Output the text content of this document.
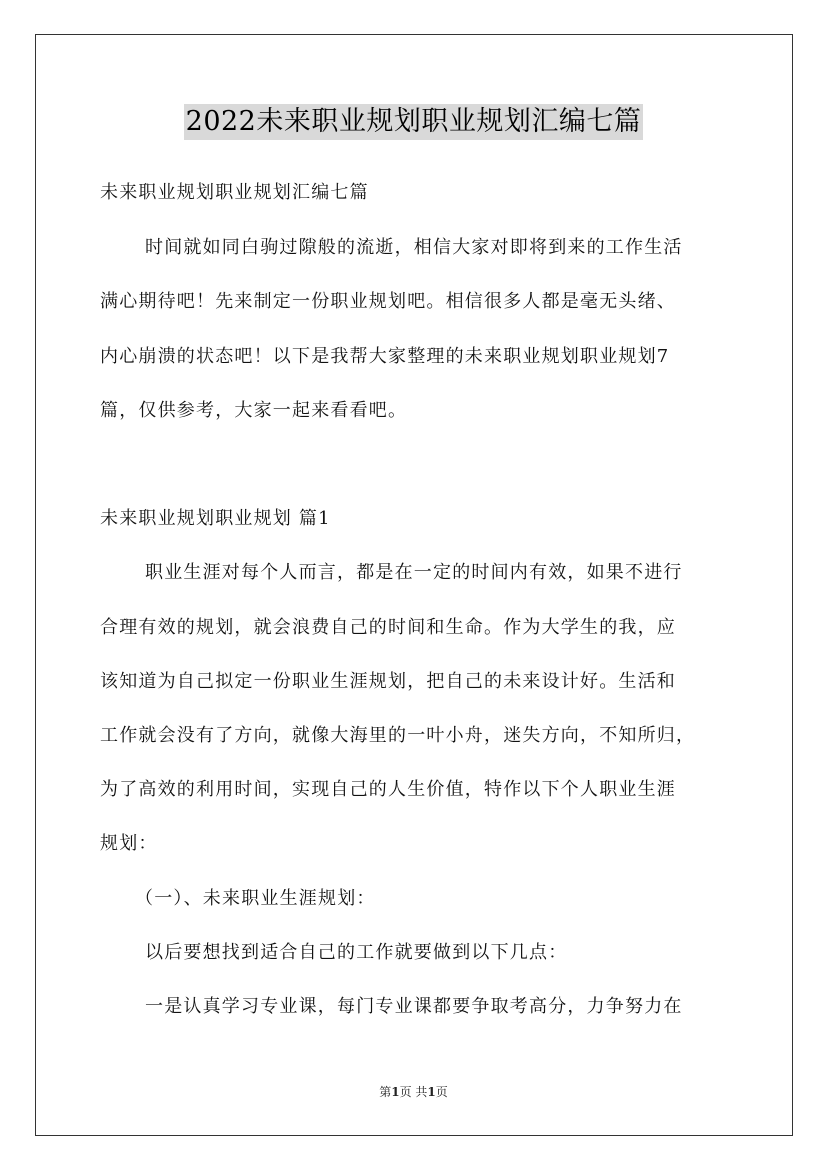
2022未来职业规划职业规划汇编七篇
未来职业规划职业规划汇编七篇
时间就如同白驹过隙般的流逝，相信大家对即将到来的工作生活
满心期待吧！先来制定一份职业规划吧。相信很多人都是毫无头绪、
内心崩溃的状态吧！以下是我帮大家整理的未来职业规划职业规划7
篇，仅供参考，大家一起来看看吧。
未来职业规划职业规划 篇1
职业生涯对每个人而言，都是在一定的时间内有效，如果不进行
合理有效的规划，就会浪费自己的时间和生命。作为大学生的我，应
该知道为自己拟定一份职业生涯规划，把自己的未来设计好。生活和
工作就会没有了方向，就像大海里的一叶小舟，迷失方向，不知所归，
为了高效的利用时间，实现自己的人生价值，特作以下个人职业生涯
规划：
（一）、未来职业生涯规划：
以后要想找到适合自己的工作就要做到以下几点：
一是认真学习专业课，每门专业课都要争取考高分，力争努力在
第1页 共1页
